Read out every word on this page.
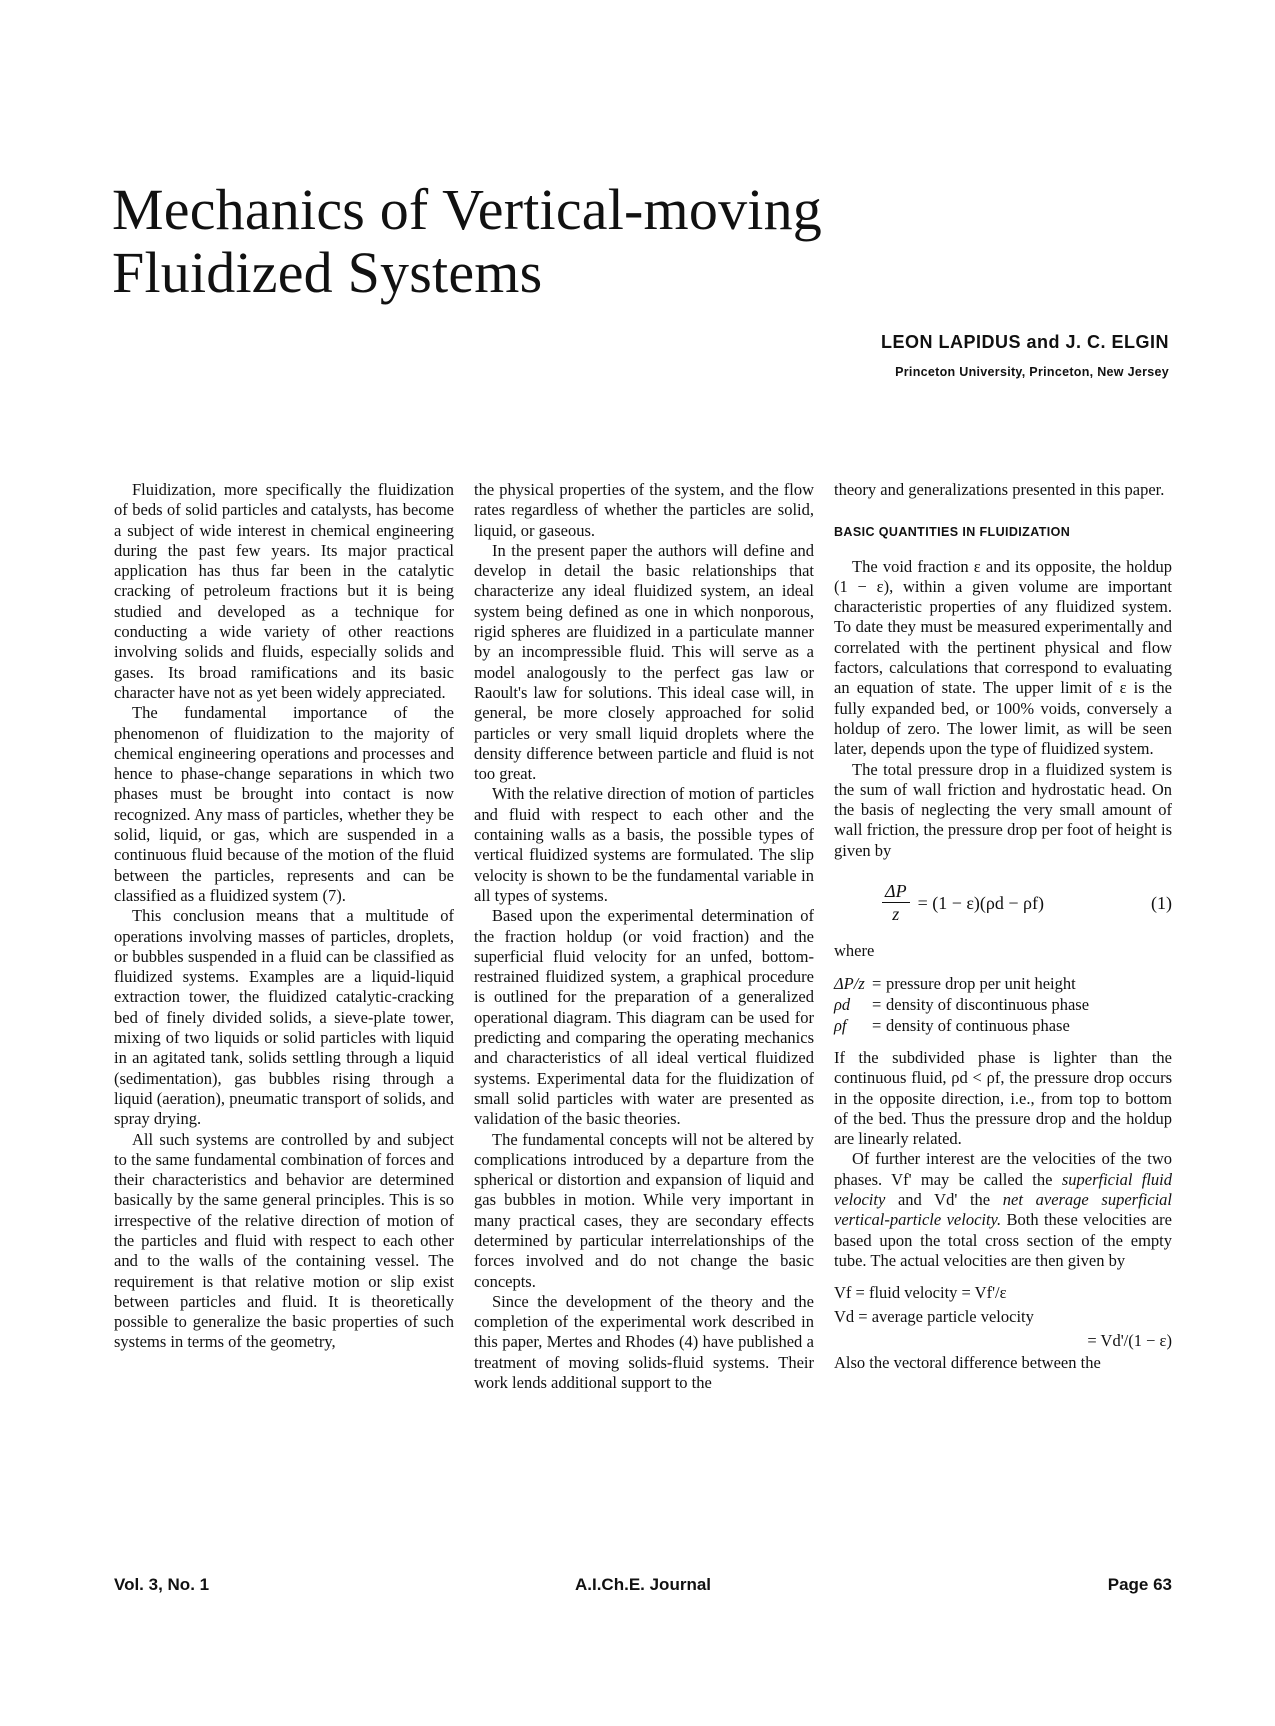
Mechanics of Vertical-moving
Fluidized Systems
LEON LAPIDUS and J. C. ELGIN
Princeton University, Princeton, New Jersey

Fluidization, more specifically the fluidization of beds of solid particles and catalysts, has become a subject of wide interest in chemical engineering during the past few years. Its major practical application has thus far been in the catalytic cracking of petroleum fractions but it is being studied and developed as a technique for conducting a wide variety of other reactions involving solids and fluids, especially solids and gases. Its broad ramifications and its basic character have not as yet been widely appreciated.

The fundamental importance of the phenomenon of fluidization to the majority of chemical engineering operations and processes and hence to phase-change separations in which two phases must be brought into contact is now recognized. Any mass of particles, whether they be solid, liquid, or gas, which are suspended in a continuous fluid because of the motion of the fluid between the particles, represents and can be classified as a fluidized system (7).

This conclusion means that a multitude of operations involving masses of particles, droplets, or bubbles suspended in a fluid can be classified as fluidized systems. Examples are a liquid-liquid extraction tower, the fluidized catalytic-cracking bed of finely divided solids, a sieve-plate tower, mixing of two liquids or solid particles with liquid in an agitated tank, solids settling through a liquid (sedimentation), gas bubbles rising through a liquid (aeration), pneumatic transport of solids, and spray drying.

All such systems are controlled by and subject to the same fundamental combination of forces and their characteristics and behavior are determined basically by the same general principles. This is so irrespective of the relative direction of motion of the particles and fluid with respect to each other and to the walls of the containing vessel. The requirement is that relative motion or slip exist between particles and fluid. It is theoretically possible to generalize the basic properties of such systems in terms of the geometry,

the physical properties of the system, and the flow rates regardless of whether the particles are solid, liquid, or gaseous.

In the present paper the authors will define and develop in detail the basic relationships that characterize any ideal fluidized system, an ideal system being defined as one in which nonporous, rigid spheres are fluidized in a particulate manner by an incompressible fluid. This will serve as a model analogously to the perfect gas law or Raoult's law for solutions. This ideal case will, in general, be more closely approached for solid particles or very small liquid droplets where the density difference between particle and fluid is not too great.

With the relative direction of motion of particles and fluid with respect to each other and the containing walls as a basis, the possible types of vertical fluidized systems are formulated. The slip velocity is shown to be the fundamental variable in all types of systems.

Based upon the experimental determination of the fraction holdup (or void fraction) and the superficial fluid velocity for an unfed, bottom-restrained fluidized system, a graphical procedure is outlined for the preparation of a generalized operational diagram. This diagram can be used for predicting and comparing the operating mechanics and characteristics of all ideal vertical fluidized systems. Experimental data for the fluidization of small solid particles with water are presented as validation of the basic theories.

The fundamental concepts will not be altered by complications introduced by a departure from the spherical or distortion and expansion of liquid and gas bubbles in motion. While very important in many practical cases, they are secondary effects determined by particular interrelationships of the forces involved and do not change the basic concepts.

Since the development of the theory and the completion of the experimental work described in this paper, Mertes and Rhodes (4) have published a treatment of moving solids-fluid systems. Their work lends additional support to the

theory and generalizations presented in this paper.

BASIC QUANTITIES IN FLUIDIZATION

The void fraction ε and its opposite, the holdup (1 − ε), within a given volume are important characteristic properties of any fluidized system. To date they must be measured experimentally and correlated with the pertinent physical and flow factors, calculations that correspond to evaluating an equation of state. The upper limit of ε is the fully expanded bed, or 100% voids, conversely a holdup of zero. The lower limit, as will be seen later, depends upon the type of fluidized system.

The total pressure drop in a fluidized system is the sum of wall friction and hydrostatic head. On the basis of neglecting the very small amount of wall friction, the pressure drop per foot of height is given by

$\frac{\Delta P}{z} = (1 - \varepsilon)(\rho d - \rho f)$	(1)
where
ΔP/z	=	pressure drop per unit height
ρd	=	density of discontinuous phase
ρf	=	density of continuous phase

If the subdivided phase is lighter than the continuous fluid, ρd < ρf, the pressure drop occurs in the opposite direction, i.e., from top to bottom of the bed. Thus the pressure drop and the holdup are linearly related.

Of further interest are the velocities of the two phases. Vf' may be called the superficial fluid velocity and Vd' the net average superficial vertical-particle velocity. Both these velocities are based upon the total cross section of the empty tube. The actual velocities are then given by

Vf = fluid velocity = Vf'/ε
Vd = average particle velocity
= Vd'/(1 − ε)

Also the vectoral difference between the

Vol. 3, No. 1	A.I.Ch.E. Journal	Page 63
